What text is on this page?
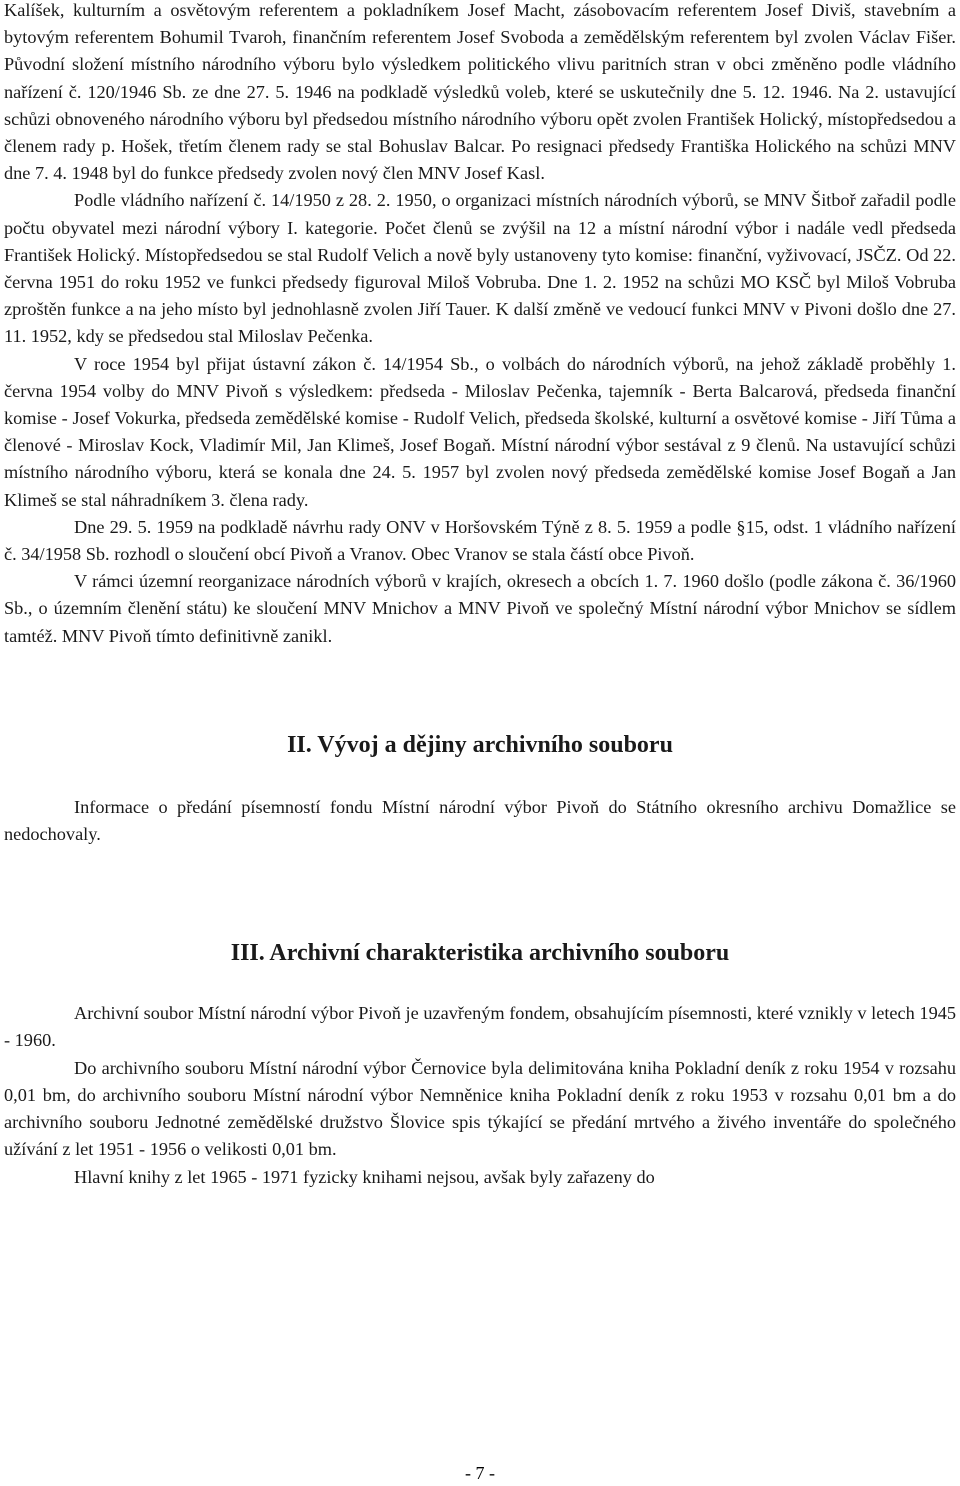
Kalíšek, kulturním a osvětovým referentem a pokladníkem Josef Macht, zásobovacím referentem Josef Diviš, stavebním a bytovým referentem Bohumil Tvaroh, finančním referentem Josef Svoboda a zemědělským referentem byl zvolen Václav Fišer. Původní složení místního národního výboru bylo výsledkem politického vlivu paritních stran v obci změněno podle vládního nařízení č. 120/1946 Sb. ze dne 27. 5. 1946 na podkladě výsledků voleb, které se uskutečnily dne 5. 12. 1946. Na 2. ustavující schůzi obnoveného národního výboru byl předsedou místního národního výboru opět zvolen František Holický, místopředsedou a členem rady p. Hošek, třetím členem rady se stal Bohuslav Balcar. Po resignaci předsedy Františka Holického na schůzi MNV dne 7. 4. 1948 byl do funkce předsedy zvolen nový člen MNV Josef Kasl.

Podle vládního nařízení č. 14/1950 z 28. 2. 1950, o organizaci místních národních výborů, se MNV Šitboř zařadil podle počtu obyvatel mezi národní výbory I. kategorie. Počet členů se zvýšil na 12 a místní národní výbor i nadále vedl předseda František Holický. Místopředsedou se stal Rudolf Velich a nově byly ustanoveny tyto komise: finanční, vyživovací, JSČZ. Od 22. června 1951 do roku 1952 ve funkci předsedy figuroval Miloš Vobruba. Dne 1. 2. 1952 na schůzi MO KSČ byl Miloš Vobruba zproštěn funkce a na jeho místo byl jednohlasně zvolen Jiří Tauer. K další změně ve vedoucí funkci MNV v Pivoni došlo dne 27. 11. 1952, kdy se předsedou stal Miloslav Pečenka.

V roce 1954 byl přijat ústavní zákon č. 14/1954 Sb., o volbách do národních výborů, na jehož základě proběhly 1. června 1954 volby do MNV Pivoň s výsledkem: předseda - Miloslav Pečenka, tajemník - Berta Balcarová, předseda finanční komise - Josef Vokurka, předseda zemědělské komise - Rudolf Velich, předseda školské, kulturní a osvětové komise - Jiří Tůma a členové - Miroslav Kock, Vladimír Mil, Jan Klimeš, Josef Bogaň. Místní národní výbor sestával z 9 členů. Na ustavující schůzi místního národního výboru, která se konala dne 24. 5. 1957 byl zvolen nový předseda zemědělské komise Josef Bogaň a Jan Klimeš se stal náhradníkem 3. člena rady.

Dne 29. 5. 1959 na podkladě návrhu rady ONV v Horšovském Týně z 8. 5. 1959 a podle §15, odst. 1 vládního nařízení č. 34/1958 Sb. rozhodl o sloučení obcí Pivoň a Vranov. Obec Vranov se stala částí obce Pivoň.

V rámci územní reorganizace národních výborů v krajích, okresech a obcích 1. 7. 1960 došlo (podle zákona č. 36/1960 Sb., o územním členění státu) ke sloučení MNV Mnichov a MNV Pivoň ve společný Místní národní výbor Mnichov se sídlem tamtéž. MNV Pivoň tímto definitivně zanikl.

II. Vývoj a dějiny archivního souboru

Informace o předání písemností fondu Místní národní výbor Pivoň do Státního okresního archivu Domažlice se nedochovaly.

III. Archivní charakteristika archivního souboru

Archivní soubor Místní národní výbor Pivoň je uzavřeným fondem, obsahujícím písemnosti, které vznikly v letech 1945 - 1960.

Do archivního souboru Místní národní výbor Černovice byla delimitována kniha Pokladní deník z roku 1954 v rozsahu 0,01 bm, do archivního souboru Místní národní výbor Nemněnice kniha Pokladní deník z roku 1953 v rozsahu 0,01 bm a do archivního souboru Jednotné zemědělské družstvo Šlovice spis týkající se předání mrtvého a živého inventáře do společného užívání z let 1951 - 1956 o velikosti 0,01 bm.

Hlavní knihy z let 1965 - 1971 fyzicky knihami nejsou, avšak byly zařazeny do

- 7 -
